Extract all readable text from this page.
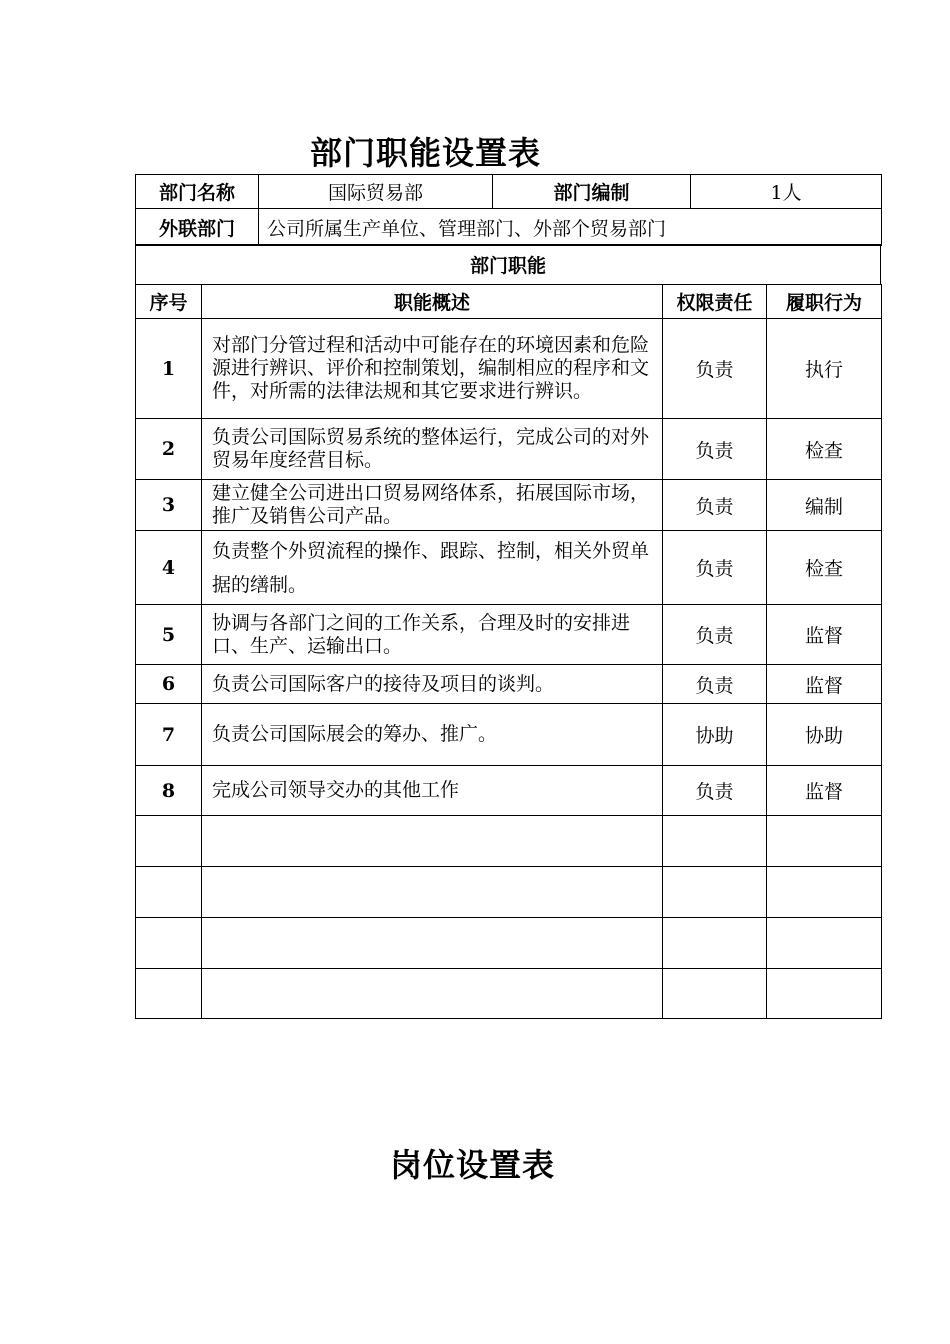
部门职能设置表
部门名称	国际贸易部	部门编制	1人
外联部门	公司所属生产单位、管理部门、外部个贸易部门		
部门职能
序号	职能概述	权限责任	履职行为
1	对部门分管过程和活动中可能存在的环境因素和危险源进行辨识、评价和控制策划，编制相应的程序和文件，对所需的法律法规和其它要求进行辨识。	负责	执行
2	负责公司国际贸易系统的整体运行，完成公司的对外贸易年度经营目标。	负责	检查
3	建立健全公司进出口贸易网络体系，拓展国际市场，推广及销售公司产品。	负责	编制
4	负责整个外贸流程的操作、跟踪、控制，相关外贸单据的缮制。	负责	检查
5	协调与各部门之间的工作关系，合理及时的安排进口、生产、运输出口。	负责	监督
6	负责公司国际客户的接待及项目的谈判。	负责	监督
7	负责公司国际展会的筹办、推广。	协助	协助
8	完成公司领导交办的其他工作	负责	监督

岗位设置表
